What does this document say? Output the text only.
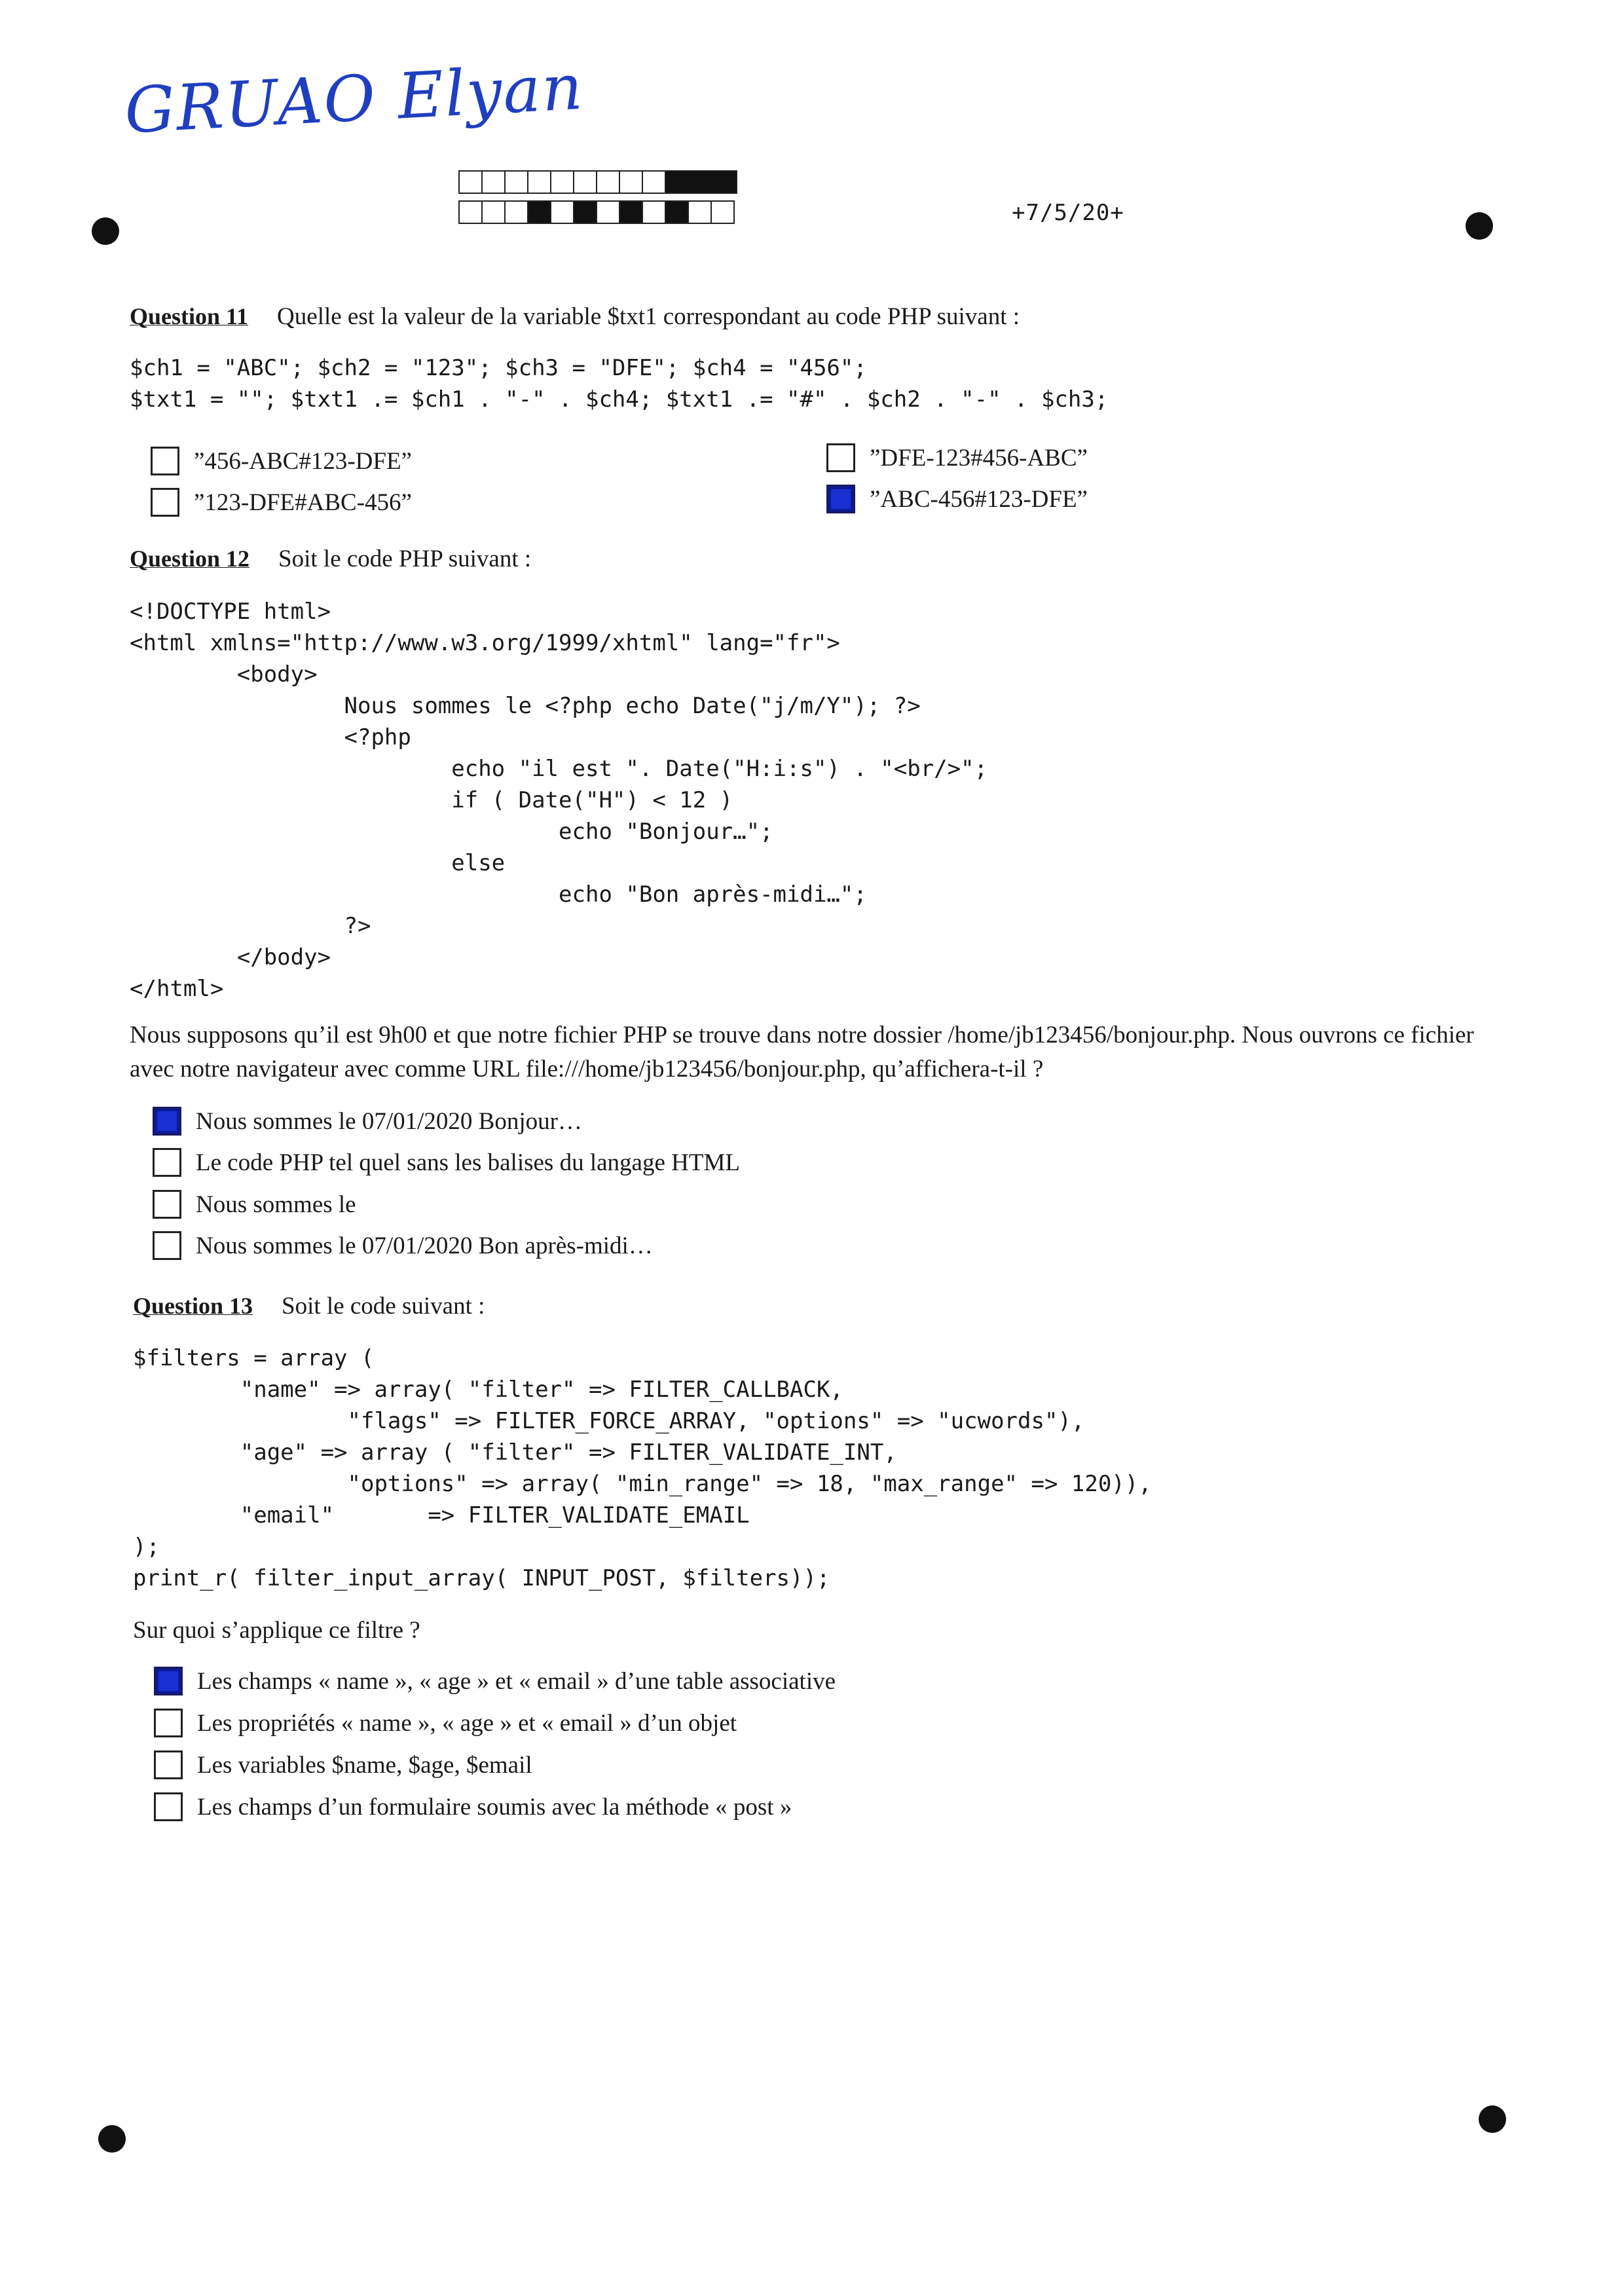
GRUAO Elyan
+7/5/20+
Question 11 Quelle est la valeur de la variable $txt1 correspondant au code PHP suivant :
$ch1 = "ABC"; $ch2 = "123"; $ch3 = "DFE"; $ch4 = "456";
$txt1 = ""; $txt1 .= $ch1 . "-" . $ch4; $txt1 .= "#" . $ch2 . "-" . $ch3;
”456-ABC#123-DFE”
”123-DFE#ABC-456”
”DFE-123#456-ABC”
”ABC-456#123-DFE”
Question 12 Soit le code PHP suivant :
<!DOCTYPE html>
<html xmlns="http://www.w3.org/1999/xhtml" lang="fr">
<body>
Nous sommes le <?php echo Date("j/m/Y"); ?>
<?php
echo "il est ". Date("H:i:s") . "<br/>";
if ( Date("H") < 12 )
echo "Bonjour…";
else
echo "Bon après-midi…";
?>
</body>
</html>
Nous supposons qu’il est 9h00 et que notre fichier PHP se trouve dans notre dossier /home/jb123456/bonjour.php. Nous ouvrons ce fichier avec notre navigateur avec comme URL file:///home/jb123456/bonjour.php, qu’affichera-t-il ?
Nous sommes le 07/01/2020 Bonjour…
Le code PHP tel quel sans les balises du langage HTML
Nous sommes le
Nous sommes le 07/01/2020 Bon après-midi…
Question 13 Soit le code suivant :
$filters = array (
"name" => array( "filter" => FILTER_CALLBACK,
"flags" => FILTER_FORCE_ARRAY, "options" => "ucwords"),
"age" => array ( "filter" => FILTER_VALIDATE_INT,
"options" => array( "min_range" => 18, "max_range" => 120)),
"email"       => FILTER_VALIDATE_EMAIL
);
print_r( filter_input_array( INPUT_POST, $filters));
Sur quoi s’applique ce filtre ?
Les champs « name », « age » et « email » d’une table associative
Les propriétés « name », « age » et « email » d’un objet
Les variables $name, $age, $email
Les champs d’un formulaire soumis avec la méthode « post »
